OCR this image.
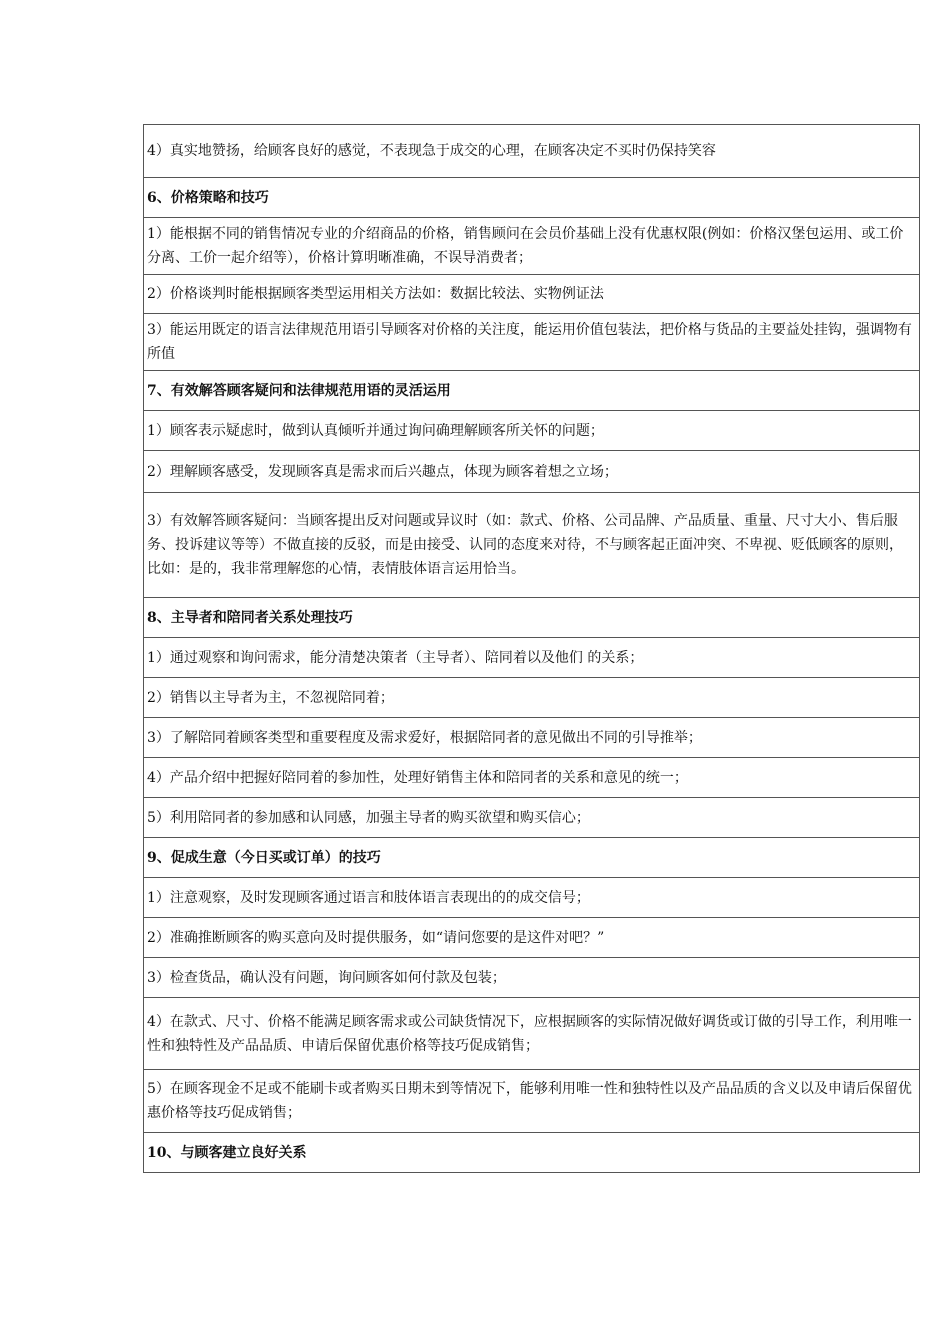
4）真实地赞扬，给顾客良好的感觉，不表现急于成交的心理，在顾客决定不买时仍保持笑容
6、价格策略和技巧
1）能根据不同的销售情况专业的介绍商品的价格，销售顾问在会员价基础上没有优惠权限(例如：价格汉堡包运用、或工价分离、工价一起介绍等），价格计算明晰准确，不误导消费者；
2）价格谈判时能根据顾客类型运用相关方法如：数据比较法、实物例证法
3）能运用既定的语言法律规范用语引导顾客对价格的关注度，能运用价值包装法，把价格与货品的主要益处挂钩，强调物有所值
7、有效解答顾客疑问和法律规范用语的灵活运用
1）顾客表示疑虑时，做到认真倾听并通过询问确理解顾客所关怀的问题；
2）理解顾客感受，发现顾客真是需求而后兴趣点，体现为顾客着想之立场；
3）有效解答顾客疑问：当顾客提出反对问题或异议时（如：款式、价格、公司品牌、产品质量、重量、尺寸大小、售后服务、投诉建议等等）不做直接的反驳，而是由接受、认同的态度来对待，不与顾客起正面冲突、不卑视、贬低顾客的原则，比如：是的，我非常理解您的心情，表情肢体语言运用恰当。
8、主导者和陪同者关系处理技巧
1）通过观察和询问需求，能分清楚决策者（主导者）、陪同着以及他们 的关系；
2）销售以主导者为主，不忽视陪同着；
3）了解陪同着顾客类型和重要程度及需求爱好，根据陪同者的意见做出不同的引导推举；
4）产品介绍中把握好陪同着的参加性，处理好销售主体和陪同者的关系和意见的统一；
5）利用陪同者的参加感和认同感，加强主导者的购买欲望和购买信心；
9、促成生意（今日买或订单）的技巧
1）注意观察，及时发现顾客通过语言和肢体语言表现出的的成交信号；
2）准确推断顾客的购买意向及时提供服务，如“请问您要的是这件对吧？”
3）检查货品，确认没有问题，询问顾客如何付款及包装；
4）在款式、尺寸、价格不能满足顾客需求或公司缺货情况下，应根据顾客的实际情况做好调货或订做的引导工作，利用唯一性和独特性及产品品质、申请后保留优惠价格等技巧促成销售；
5）在顾客现金不足或不能刷卡或者购买日期未到等情况下，能够利用唯一性和独特性以及产品品质的含义以及申请后保留优惠价格等技巧促成销售；
10、与顾客建立良好关系
